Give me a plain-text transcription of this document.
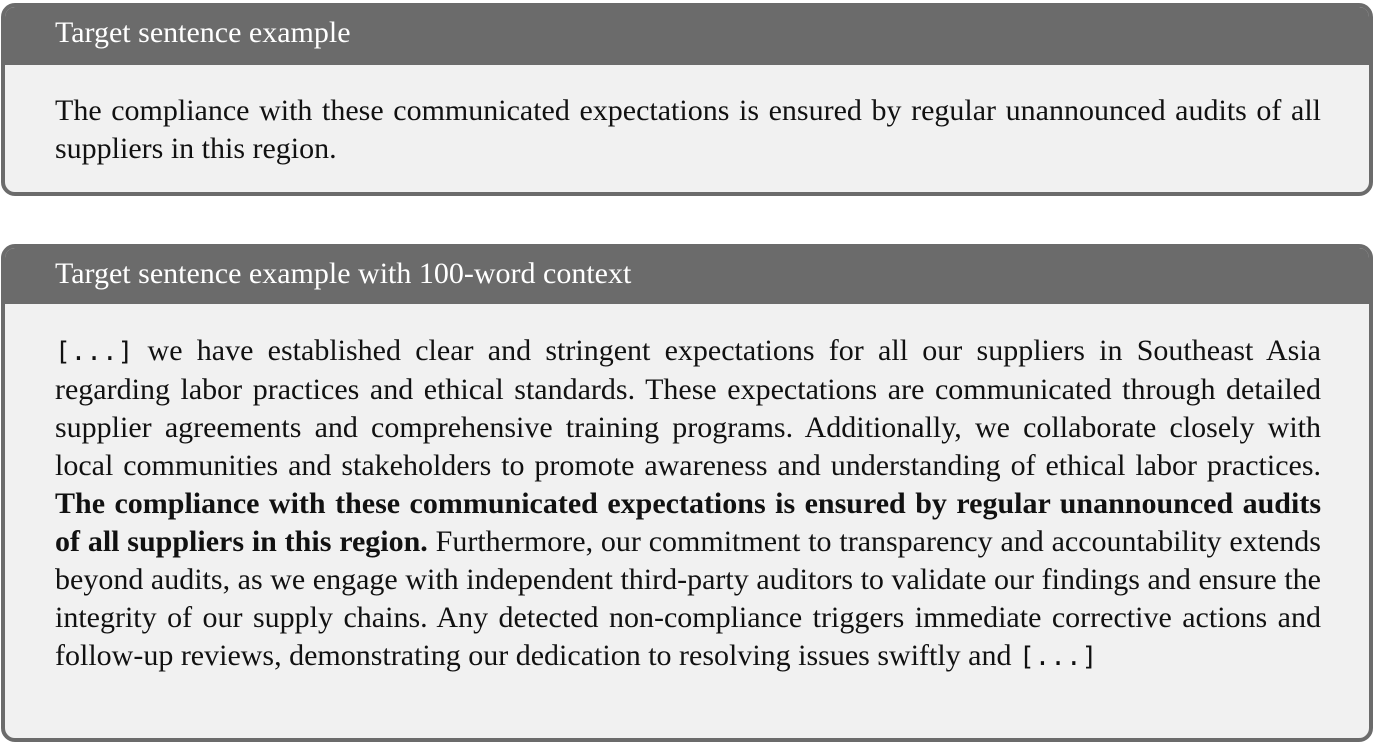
Target sentence example
The compliance with these communicated expectations is ensured by regular unannounced audits of all suppliers in this region.
Target sentence example with 100-word context
[...] we have established clear and stringent expectations for all our suppliers in Southeast Asia regarding labor practices and ethical standards. These expectations are communicated through detailed supplier agreements and comprehensive training programs. Additionally, we collaborate closely with local communities and stakeholders to promote awareness and understanding of ethical labor practices. The compliance with these communicated expectations is ensured by regular unannounced audits of all suppliers in this region. Furthermore, our commitment to transparency and accountability extends beyond audits, as we engage with independent third-party auditors to validate our findings and ensure the integrity of our supply chains. Any detected non-compliance triggers immediate corrective actions and follow-up reviews, demonstrating our dedication to resolving issues swiftly and [...]
